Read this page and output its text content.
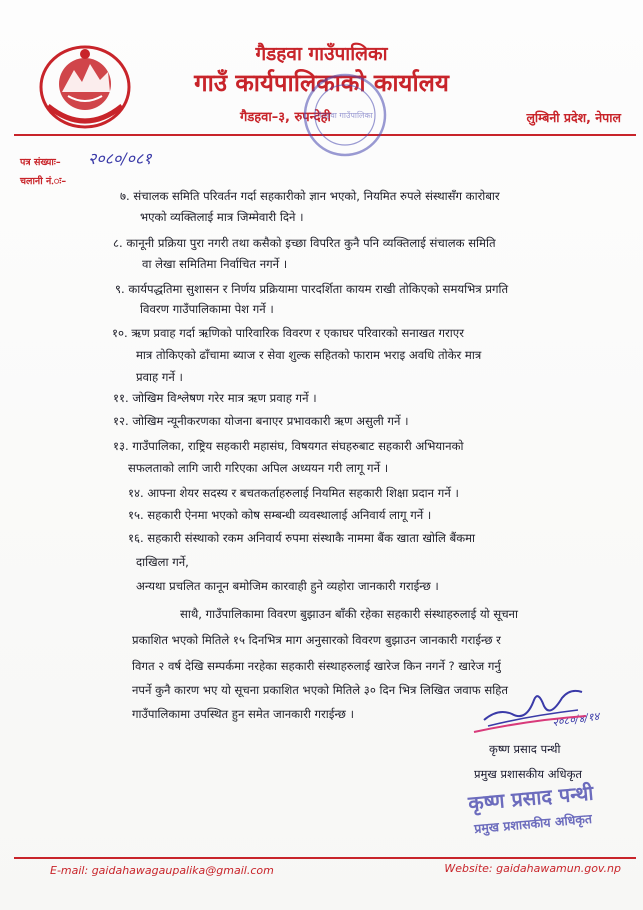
गैडहवा गाउँपालिका
गाउँ कार्यपालिकाको कार्यालय
गैडहवा–३, रुपन्देही	लुम्बिनी प्रदेश, नेपाल
गैडहवा गाउँपालिका
पत्र संख्याः– २०८०/०८१
चलानी नं.ः–
७. संचालक समिति परिवर्तन गर्दा सहकारीको ज्ञान भएको, नियमित रुपले संस्थासँग कारोबार
भएको व्यक्तिलाई मात्र जिम्मेवारी दिने ।
८. कानूनी प्रक्रिया पुरा नगरी तथा कसैको इच्छा विपरित कुनै पनि व्यक्तिलाई संचालक समिति
वा लेखा समितिमा निर्वाचित नगर्ने ।
९. कार्यपद्धतिमा सुशासन र निर्णय प्रक्रियामा पारदर्शिता कायम राखी तोकिएको समयभित्र प्रगति
विवरण गाउँपालिकामा पेश गर्ने ।
१०. ऋण प्रवाह गर्दा ऋणिको पारिवारिक विवरण र एकाघर परिवारको सनाखत गराएर
मात्र तोकिएको ढाँचामा ब्याज र सेवा शुल्क सहितको फाराम भराइ अवधि तोकेर मात्र
प्रवाह गर्ने ।
११. जोखिम विश्लेषण गरेर मात्र ऋण प्रवाह गर्ने ।
१२. जोखिम न्यूनीकरणका योजना बनाएर प्रभावकारी ऋण असुली गर्ने ।
१३. गाउँपालिका, राष्ट्रिय सहकारी महासंघ, विषयगत संघहरुबाट सहकारी अभियानको
सफलताको लागि जारी गरिएका अपिल अध्ययन गरी लागू गर्ने ।
१४. आफ्ना शेयर सदस्य र बचतकर्ताहरुलाई नियमित सहकारी शिक्षा प्रदान गर्ने ।
१५. सहकारी ऐनमा भएको कोष सम्बन्धी व्यवस्थालाई अनिवार्य लागू गर्ने ।
१६. सहकारी संस्थाको रकम अनिवार्य रुपमा संस्थाकै नाममा बैंक खाता खोलि बैंकमा
दाखिला गर्ने,
अन्यथा प्रचलित कानून बमोजिम कारवाही हुने व्यहोरा जानकारी गराईन्छ ।
साथै, गाउँपालिकामा विवरण बुझाउन बाँकी रहेका सहकारी संस्थाहरुलाई यो सूचना
प्रकाशित भएको मितिले १५ दिनभित्र माग अनुसारको विवरण बुझाउन जानकारी गराईन्छ र
विगत २ वर्ष देखि सम्पर्कमा नरहेका सहकारी संस्थाहरुलाई खारेज किन नगर्ने ? खारेज गर्नु
नपर्ने कुनै कारण भए यो सूचना प्रकाशित भएको मितिले ३० दिन भित्र लिखित जवाफ सहित
गाउँपालिकामा उपस्थित हुन समेत जानकारी गराईन्छ ।	२०८०/४/१४
कृष्ण प्रसाद पन्थी
प्रमुख प्रशासकीय अधिकृत
कृष्ण प्रसाद पन्थी
प्रमुख प्रशासकीय अधिकृत
E-mail: gaidahawagaupalika@gmail.com	Website: gaidahawamun.gov.np
